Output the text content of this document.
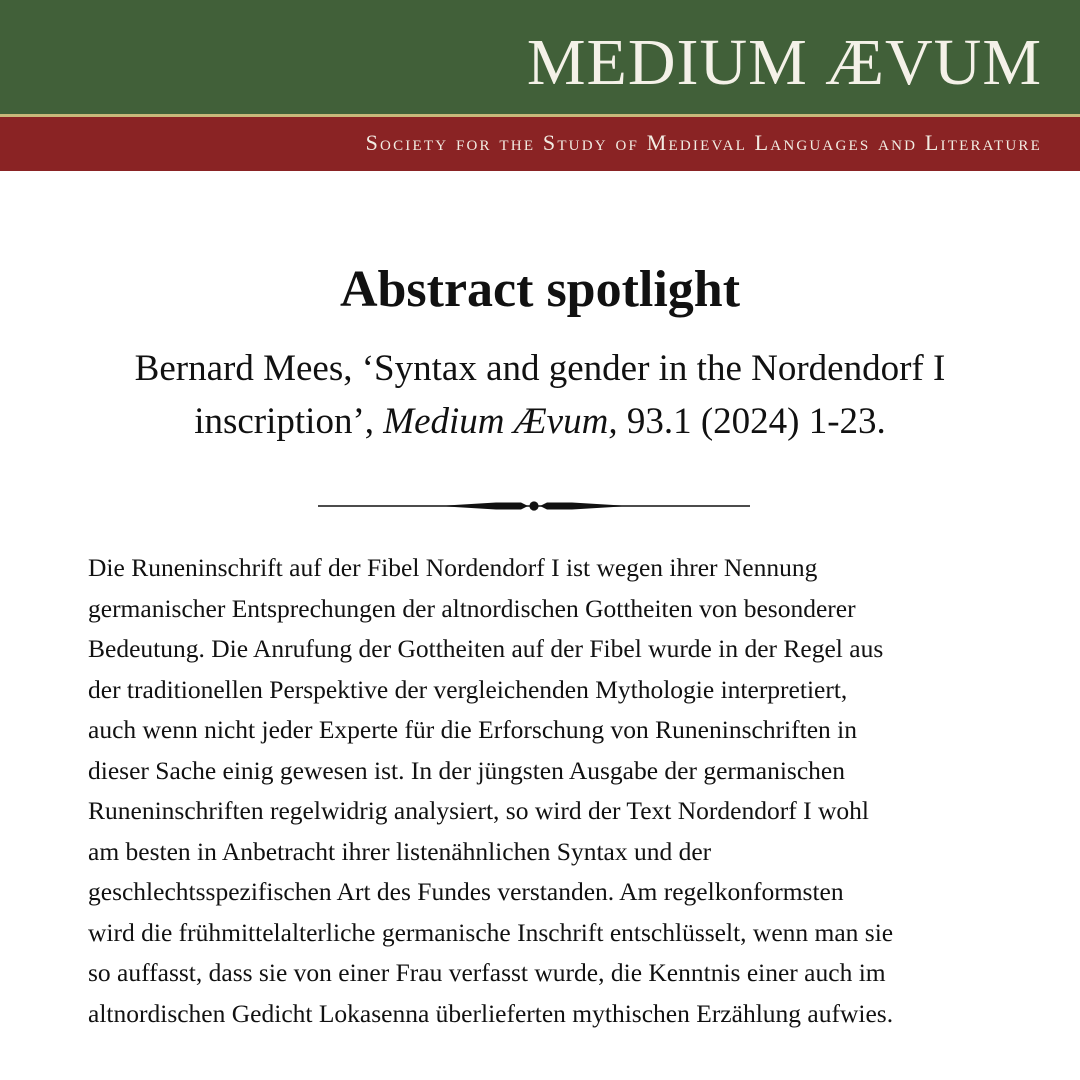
MEDIUM ÆVUM
Society for the Study of Medieval Languages and Literature
Abstract spotlight
Bernard Mees, ‘Syntax and gender in the Nordendorf I
inscription’, Medium Ævum, 93.1 (2024) 1-23.
Die Runeninschrift auf der Fibel Nordendorf I ist wegen ihrer Nennung
germanischer Entsprechungen der altnordischen Gottheiten von besonderer
Bedeutung. Die Anrufung der Gottheiten auf der Fibel wurde in der Regel aus
der traditionellen Perspektive der vergleichenden Mythologie interpretiert,
auch wenn nicht jeder Experte für die Erforschung von Runeninschriften in
dieser Sache einig gewesen ist. In der jüngsten Ausgabe der germanischen
Runeninschriften regelwidrig analysiert, so wird der Text Nordendorf I wohl
am besten in Anbetracht ihrer listenähnlichen Syntax und der
geschlechtsspezifischen Art des Fundes verstanden. Am regelkonformsten
wird die frühmittelalterliche germanische Inschrift entschlüsselt, wenn man sie
so auffasst, dass sie von einer Frau verfasst wurde, die Kenntnis einer auch im
altnordischen Gedicht Lokasenna überlieferten mythischen Erzählung aufwies.
